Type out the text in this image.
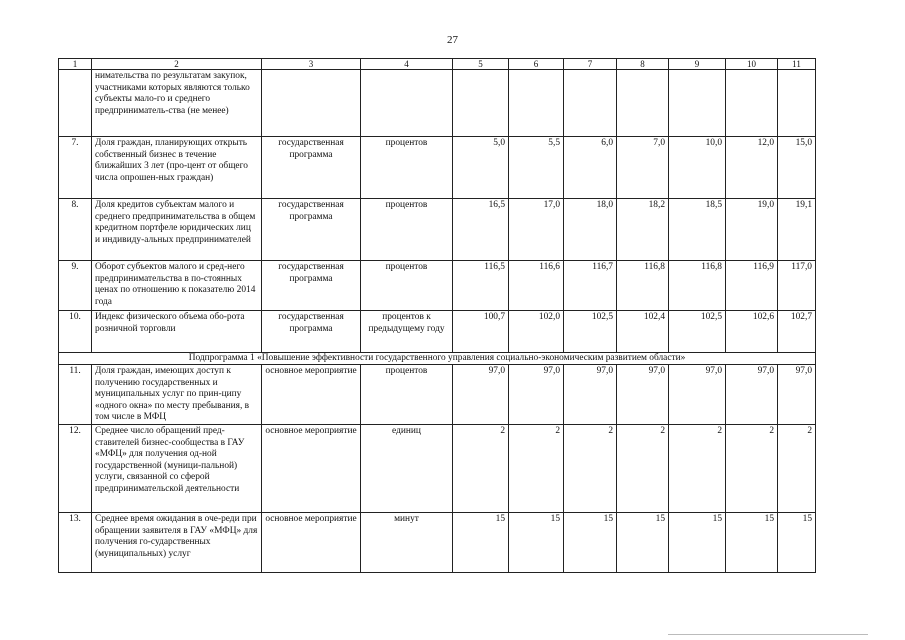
27
1	2	3	4	5	6	7	8	9	10	11
	нимательства по результатам закупок, участниками которых являются только субъекты мало-го и среднего предприниматель-ства (не менее)									
7.	Доля граждан, планирующих открыть собственный бизнес в течение ближайших 3 лет (про-цент от общего числа опрошен-ных граждан)	государственная программа	процентов	5,0	5,5	6,0	7,0	10,0	12,0	15,0
8.	Доля кредитов субъектам малого и среднего предпринимательства в общем кредитном портфеле юридических лиц и индивиду-альных предпринимателей	государственная программа	процентов	16,5	17,0	18,0	18,2	18,5	19,0	19,1
9.	Оборот субъектов малого и сред-него предпринимательства в по-стоянных ценах по отношению к показателю 2014 года	государственная программа	процентов	116,5	116,6	116,7	116,8	116,8	116,9	117,0
10.	Индекс физического объема обо-рота розничной торговли	государственная программа	процентов к предыдущему году	100,7	102,0	102,5	102,4	102,5	102,6	102,7
Подпрограмма 1 «Повышение эффективности государственного управления социально-экономическим развитием области»										
11.	Доля граждан, имеющих доступ к получению государственных и муниципальных услуг по прин-ципу «одного окна» по месту пребывания, в том числе в МФЦ	основное мероприятие	процентов	97,0	97,0	97,0	97,0	97,0	97,0	97,0
12.	Среднее число обращений пред-ставителей бизнес-сообщества в ГАУ «МФЦ» для получения од-ной государственной (муници-пальной) услуги, связанной со сферой предпринимательской деятельности	основное мероприятие	единиц	2	2	2	2	2	2	2
13.	Среднее время ожидания в оче-реди при обращении заявителя в ГАУ «МФЦ» для получения го-сударственных (муниципальных) услуг	основное мероприятие	минут	15	15	15	15	15	15	15
